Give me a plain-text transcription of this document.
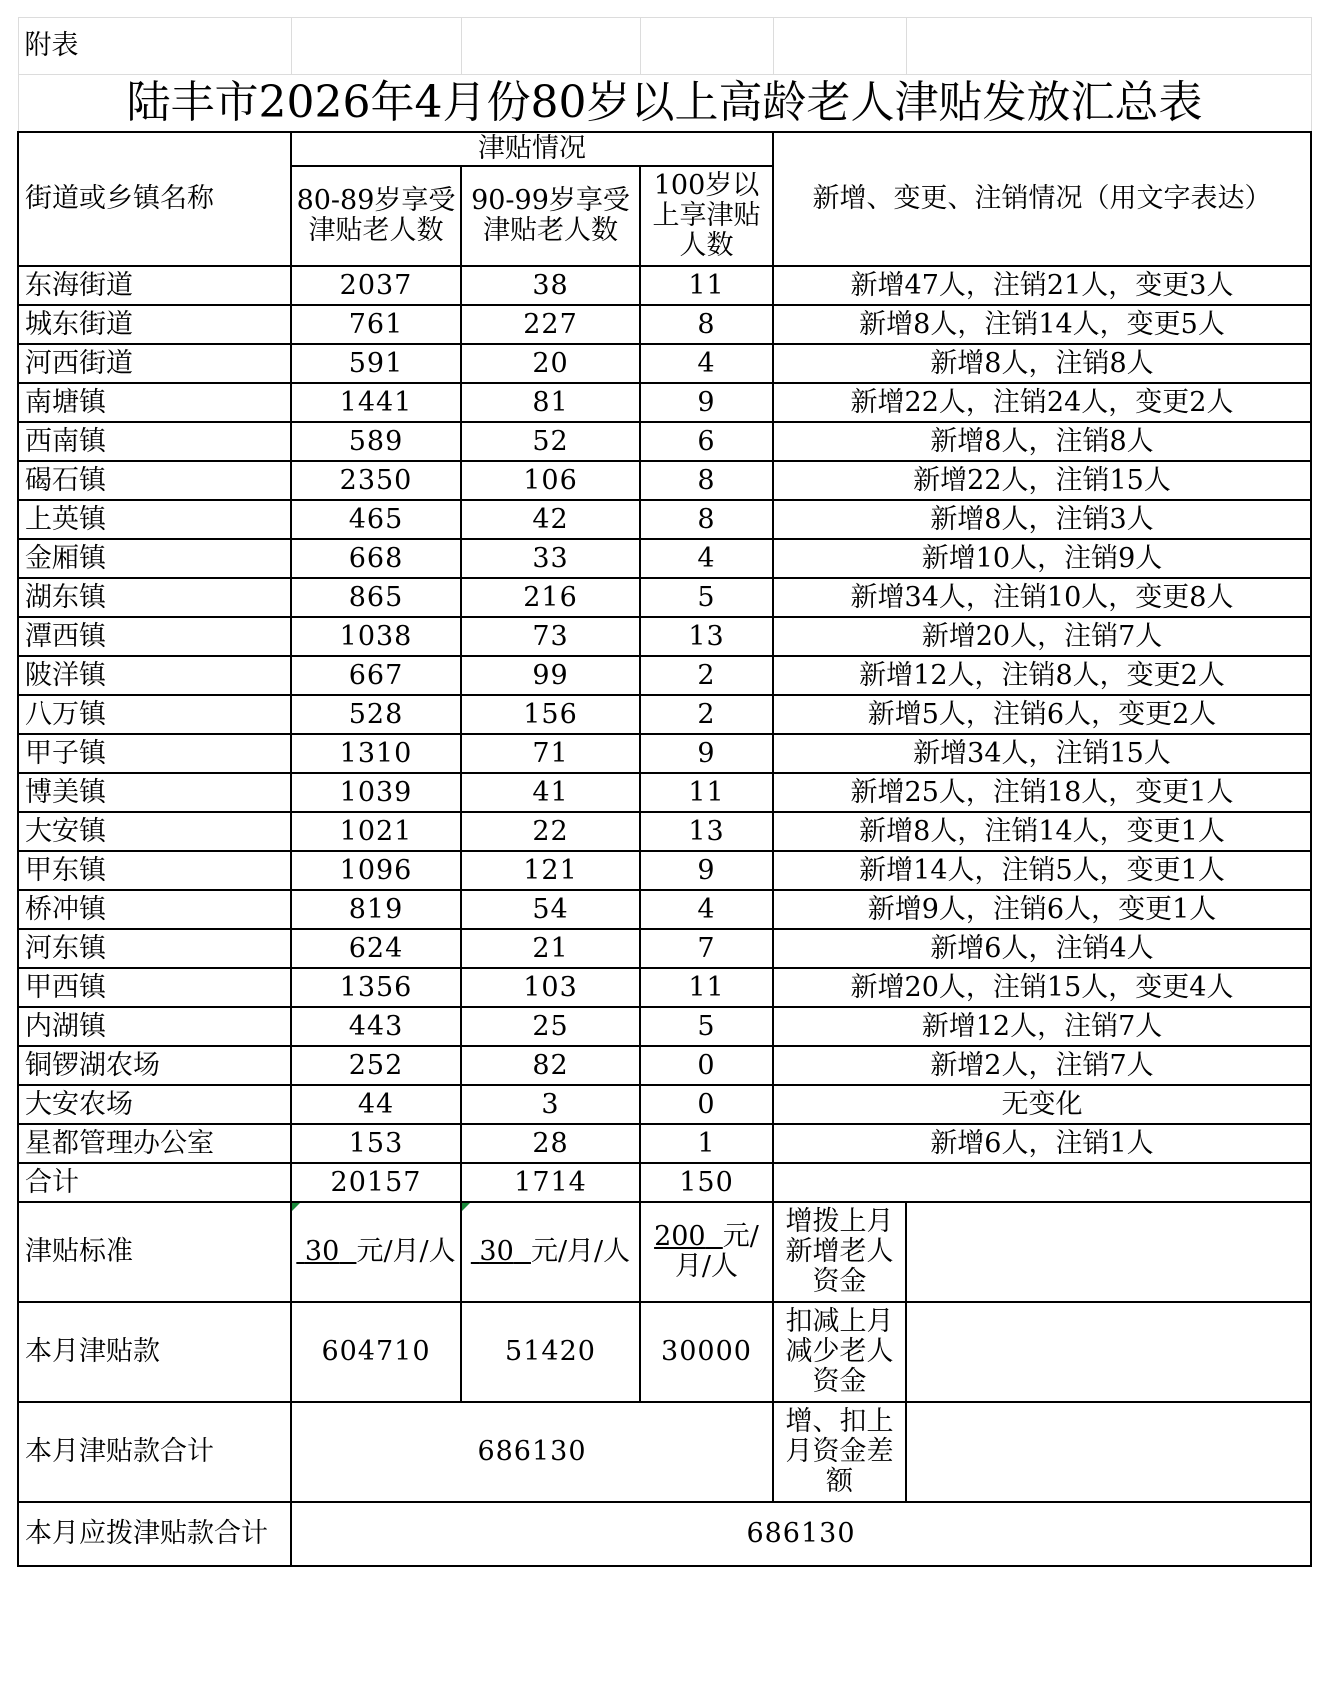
附表					
陆丰市2026年4月份80岁以上高龄老人津贴发放汇总表					
街道或乡镇名称	津贴情况			新增、变更、注销情况（用文字表达）	
	80-89岁享受津贴老人数	90-99岁享受津贴老人数	100岁以上享津贴人数		
东海街道	2037	38	11	新增47人，注销21人，变更3人	
城东街道	761	227	8	新增8人，注销14人，变更5人	
河西街道	591	20	4	新增8人，注销8人	
南塘镇	1441	81	9	新增22人，注销24人，变更2人	
西南镇	589	52	6	新增8人，注销8人	
碣石镇	2350	106	8	新增22人，注销15人	
上英镇	465	42	8	新增8人，注销3人	
金厢镇	668	33	4	新增10人，注销9人	
湖东镇	865	216	5	新增34人，注销10人，变更8人	
潭西镇	1038	73	13	新增20人，注销7人	
陂洋镇	667	99	2	新增12人，注销8人，变更2人	
八万镇	528	156	2	新增5人，注销6人，变更2人	
甲子镇	1310	71	9	新增34人，注销15人	
博美镇	1039	41	11	新增25人，注销18人，变更1人	
大安镇	1021	22	13	新增8人，注销14人，变更1人	
甲东镇	1096	121	9	新增14人，注销5人，变更1人	
桥冲镇	819	54	4	新增9人，注销6人，变更1人	
河东镇	624	21	7	新增6人，注销4人	
甲西镇	1356	103	11	新增20人，注销15人，变更4人	
内湖镇	443	25	5	新增12人，注销7人	
铜锣湖农场	252	82	0	新增2人，注销7人	
大安农场	44	3	0	无变化	
星都管理办公室	153	28	1	新增6人，注销1人	
合计	20157	1714	150		
津贴标准	30 元/月/人	30 元/月/人	200 元/月/人	增拨上月新增老人资金	
本月津贴款	604710	51420	30000	扣减上月减少老人资金	
本月津贴款合计	686130			增、扣上月资金差额	
本月应拨津贴款合计	686130				
